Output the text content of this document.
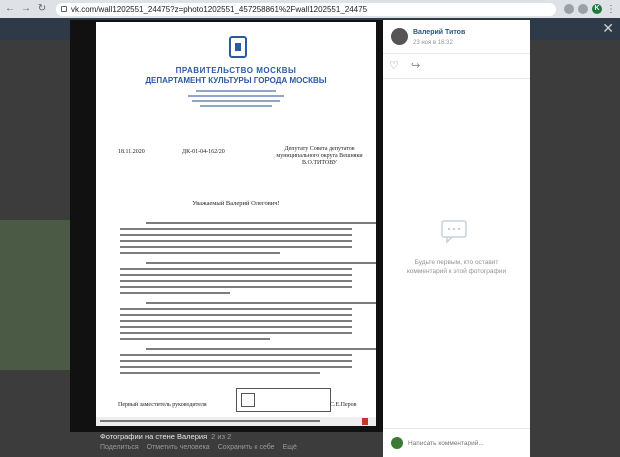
← → ↻	vk.com/wall1202551_24475?z=photo1202551_457258861%2Fwall1202551_24475	K ⋮
✕
ПРАВИТЕЛЬСТВО МОСКВЫ
ДЕПАРТАМЕНТ КУЛЬТУРЫ ГОРОДА МОСКВЫ
18.11.2020	ДК-01-04-162/20	Депутату Совета депутатов муниципального округа Вешняки В.О.ТИТОВУ
Уважаемый Валерий Олегович!
Первый заместитель руководителя	С.Е.Перов
Фотографии на стене Валерия 2 из 2
Поделиться Отметить человека Сохранить к себе Ещё
Валерий Титов
23 ноя в 16:32
♡ ↪
Будьте первым, кто оставит комментарий к этой фотографии
Написать комментарий...
